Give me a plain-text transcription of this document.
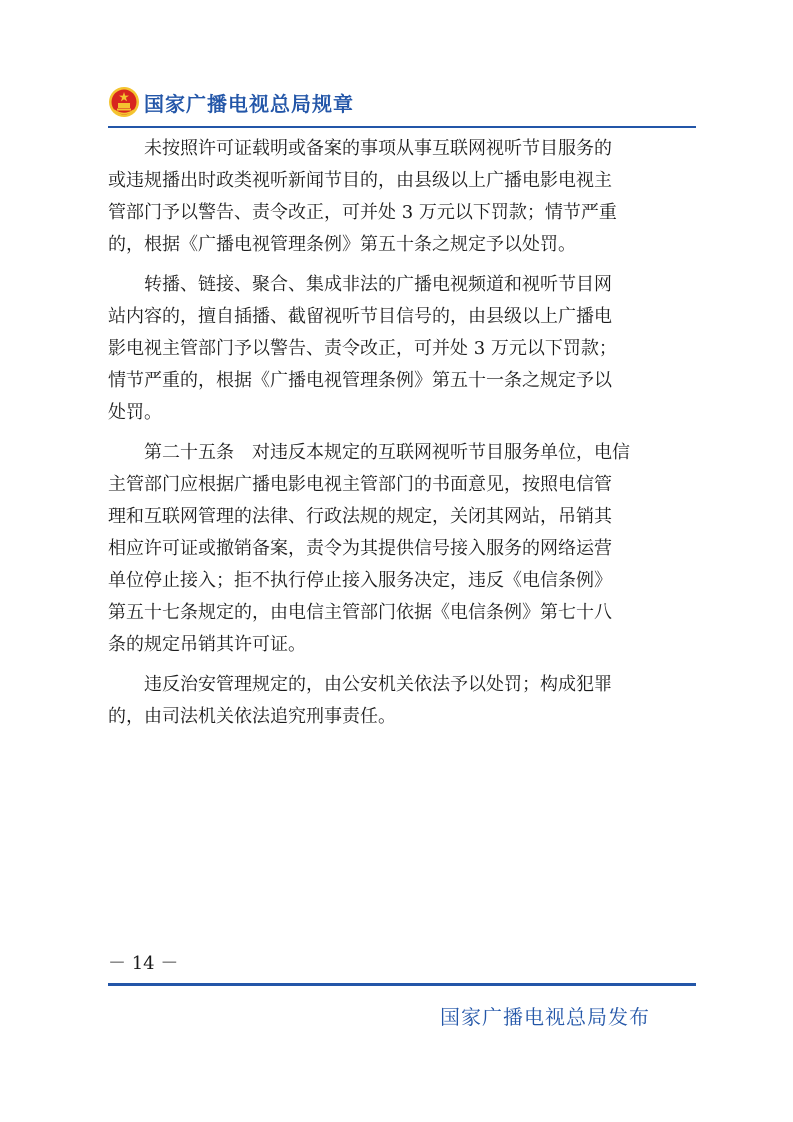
国家广播电视总局规章
　　未按照许可证载明或备案的事项从事互联网视听节目服务的
或违规播出时政类视听新闻节目的，由县级以上广播电影电视主
管部门予以警告、责令改正，可并处 3 万元以下罚款；情节严重
的，根据《广播电视管理条例》第五十条之规定予以处罚。
　　转播、链接、聚合、集成非法的广播电视频道和视听节目网
站内容的，擅自插播、截留视听节目信号的，由县级以上广播电
影电视主管部门予以警告、责令改正，可并处 3 万元以下罚款；
情节严重的，根据《广播电视管理条例》第五十一条之规定予以
处罚。
　　第二十五条　对违反本规定的互联网视听节目服务单位，电信
主管部门应根据广播电影电视主管部门的书面意见，按照电信管
理和互联网管理的法律、行政法规的规定，关闭其网站，吊销其
相应许可证或撤销备案，责令为其提供信号接入服务的网络运营
单位停止接入；拒不执行停止接入服务决定，违反《电信条例》
第五十七条规定的，由电信主管部门依据《电信条例》第七十八
条的规定吊销其许可证。
　　违反治安管理规定的，由公安机关依法予以处罚；构成犯罪
的，由司法机关依法追究刑事责任。
－ 14 －
国家广播电视总局发布
